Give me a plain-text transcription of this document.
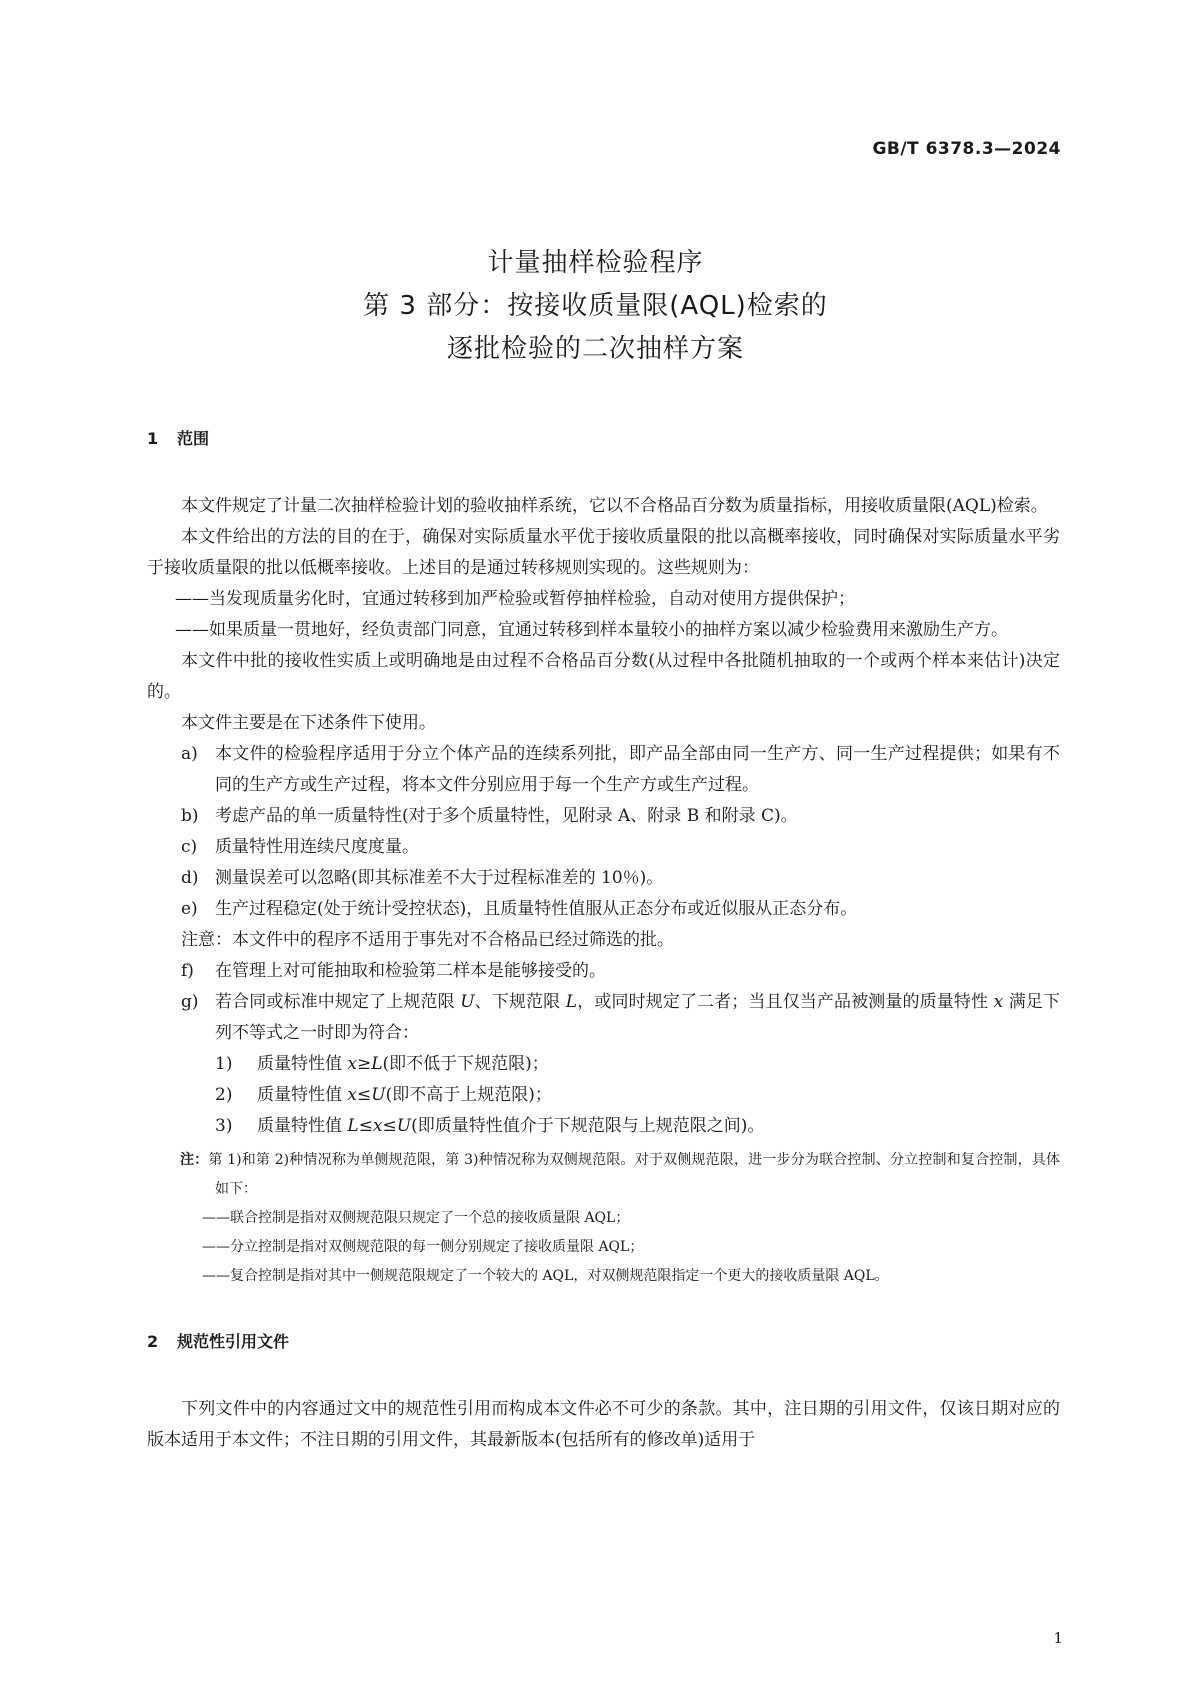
GB/T 6378.3—2024
计量抽样检验程序
第 3 部分：按接收质量限(AQL)检索的
逐批检验的二次抽样方案
1 范围

本文件规定了计量二次抽样检验计划的验收抽样系统，它以不合格品百分数为质量指标，用接收质量限(AQL)检索。

本文件给出的方法的目的在于，确保对实际质量水平优于接收质量限的批以高概率接收，同时确保对实际质量水平劣于接收质量限的批以低概率接收。上述目的是通过转移规则实现的。这些规则为：

——当发现质量劣化时，宜通过转移到加严检验或暂停抽样检验，自动对使用方提供保护；
——如果质量一贯地好，经负责部门同意，宜通过转移到样本量较小的抽样方案以减少检验费用来激励生产方。

本文件中批的接收性实质上或明确地是由过程不合格品百分数(从过程中各批随机抽取的一个或两个样本来估计)决定的。

本文件主要是在下述条件下使用。

a) 本文件的检验程序适用于分立个体产品的连续系列批，即产品全部由同一生产方、同一生产过程提供；如果有不同的生产方或生产过程，将本文件分别应用于每一个生产方或生产过程。
b) 考虑产品的单一质量特性(对于多个质量特性，见附录 A、附录 B 和附录 C)。
c) 质量特性用连续尺度度量。
d) 测量误差可以忽略(即其标准差不大于过程标准差的 10％)。
e) 生产过程稳定(处于统计受控状态)，且质量特性值服从正态分布或近似服从正态分布。

注意：本文件中的程序不适用于事先对不合格品已经过筛选的批。

f) 在管理上对可能抽取和检验第二样本是能够接受的。
g) 若合同或标准中规定了上规范限 U、下规范限 L，或同时规定了二者；当且仅当产品被测量的质量特性 x 满足下列不等式之一时即为符合：
1) 质量特性值 x≥L(即不低于下规范限)；
2) 质量特性值 x≤U(即不高于上规范限)；
3) 质量特性值 L≤x≤U(即质量特性值介于下规范限与上规范限之间)。
注：第 1)和第 2)种情况称为单侧规范限，第 3)种情况称为双侧规范限。对于双侧规范限，进一步分为联合控制、分立控制和复合控制，具体如下：
——联合控制是指对双侧规范限只规定了一个总的接收质量限 AQL；
——分立控制是指对双侧规范限的每一侧分别规定了接收质量限 AQL；
——复合控制是指对其中一侧规范限规定了一个较大的 AQL，对双侧规范限指定一个更大的接收质量限 AQL。
2 规范性引用文件

下列文件中的内容通过文中的规范性引用而构成本文件必不可少的条款。其中，注日期的引用文件，仅该日期对应的版本适用于本文件；不注日期的引用文件，其最新版本(包括所有的修改单)适用于

1
